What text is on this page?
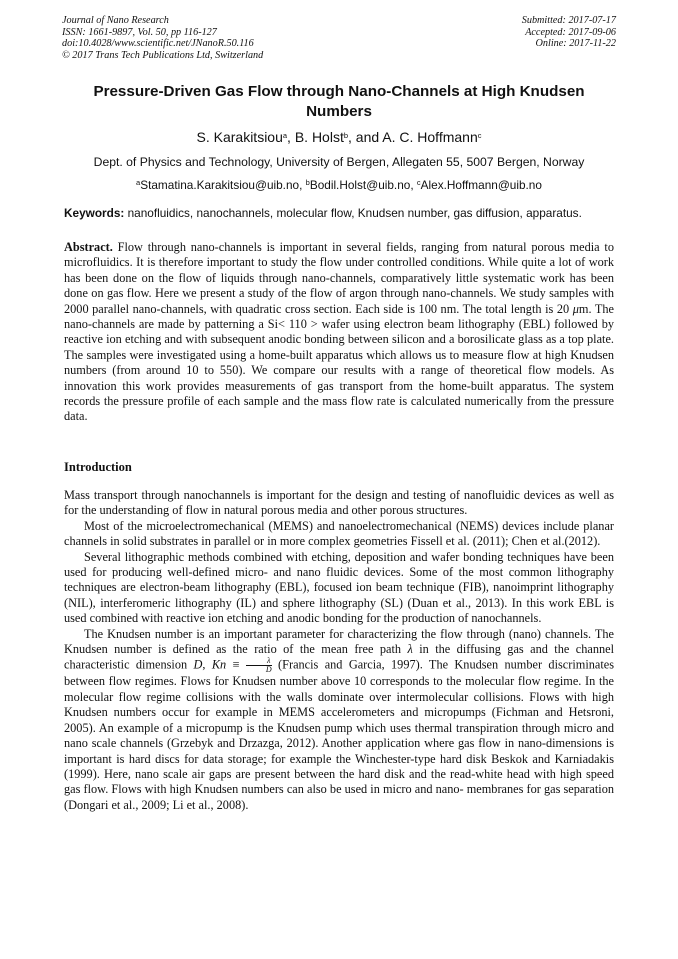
Journal of Nano Research
ISSN: 1661-9897, Vol. 50, pp 116-127
doi:10.4028/www.scientific.net/JNanoR.50.116
© 2017 Trans Tech Publications Ltd, Switzerland
Submitted: 2017-07-17
Accepted: 2017-09-06
Online: 2017-11-22
Pressure-Driven Gas Flow through Nano-Channels at High Knudsen Numbers
S. Karakitsiou$^a$, B. Holst$^b$, and A. C. Hoffmann$^c$
Dept. of Physics and Technology, University of Bergen, Allegaten 55, 5007 Bergen, Norway
$^a$Stamatina.Karakitsiou@uib.no, $^b$Bodil.Holst@uib.no, $^c$Alex.Hoffmann@uib.no
Keywords: nanofluidics, nanochannels, molecular flow, Knudsen number, gas diffusion, apparatus.
Abstract. Flow through nano-channels is important in several fields, ranging from natural porous media to microfluidics. It is therefore important to study the flow under controlled conditions. While quite a lot of work has been done on the flow of liquids through nano-channels, comparatively little systematic work has been done on gas flow. Here we present a study of the flow of argon through nano-channels. We study samples with 2000 parallel nano-channels, with quadratic cross section. Each side is 100 nm. The total length is 20 μm. The nano-channels are made by patterning a Si< 110 > wafer using electron beam lithography (EBL) followed by reactive ion etching and with subsequent anodic bonding between silicon and a borosilicate glass as a top plate. The samples were investigated using a home-built apparatus which allows us to measure flow at high Knudsen numbers (from around 10 to 550). We compare our results with a range of theoretical flow models. As innovation this work provides measurements of gas transport from the home-built apparatus. The system records the pressure profile of each sample and the mass flow rate is calculated numerically from the pressure data.
Introduction

Mass transport through nanochannels is important for the design and testing of nanofluidic devices as well as for the understanding of flow in natural porous media and other porous structures.

Most of the microelectromechanical (MEMS) and nanoelectromechanical (NEMS) devices include planar channels in solid substrates in parallel or in more complex geometries Fissell et al. (2011); Chen et al.(2012).

Several lithographic methods combined with etching, deposition and wafer bonding techniques have been used for producing well-defined micro- and nano fluidic devices. Some of the most common lithography techniques are electron-beam lithography (EBL), focused ion beam technique (FIB), nanoimprint lithography (NIL), interferomeric lithography (IL) and sphere lithography (SL) (Duan et al., 2013). In this work EBL is used combined with reactive ion etching and anodic bonding for the production of nanochannels.

The Knudsen number is an important parameter for characterizing the flow through (nano) channels. The Knudsen number is defined as the ratio of the mean free path λ in the diffusing gas and the channel characteristic dimension D, $Kn \equiv \frac{\lambda}{D}$ (Francis and Garcia, 1997). The Knudsen number discriminates between flow regimes. Flows for Knudsen number above 10 corresponds to the molecular flow regime. In the molecular flow regime collisions with the walls dominate over intermolecular collisions. Flows with high Knudsen numbers occur for example in MEMS accelerometers and micropumps (Fichman and Hetsroni, 2005). An example of a micropump is the Knudsen pump which uses thermal transpiration through micro and nano scale channels (Grzebyk and Drzazga, 2012). Another application where gas flow in nano-dimensions is important is hard discs for data storage; for example the Winchester-type hard disk Beskok and Karniadakis (1999). Here, nano scale air gaps are present between the hard disk and the read-white head with high speed gas flow. Flows with high Knudsen numbers can also be used in micro and nano- membranes for gas separation (Dongari et al., 2009; Li et al., 2008).
